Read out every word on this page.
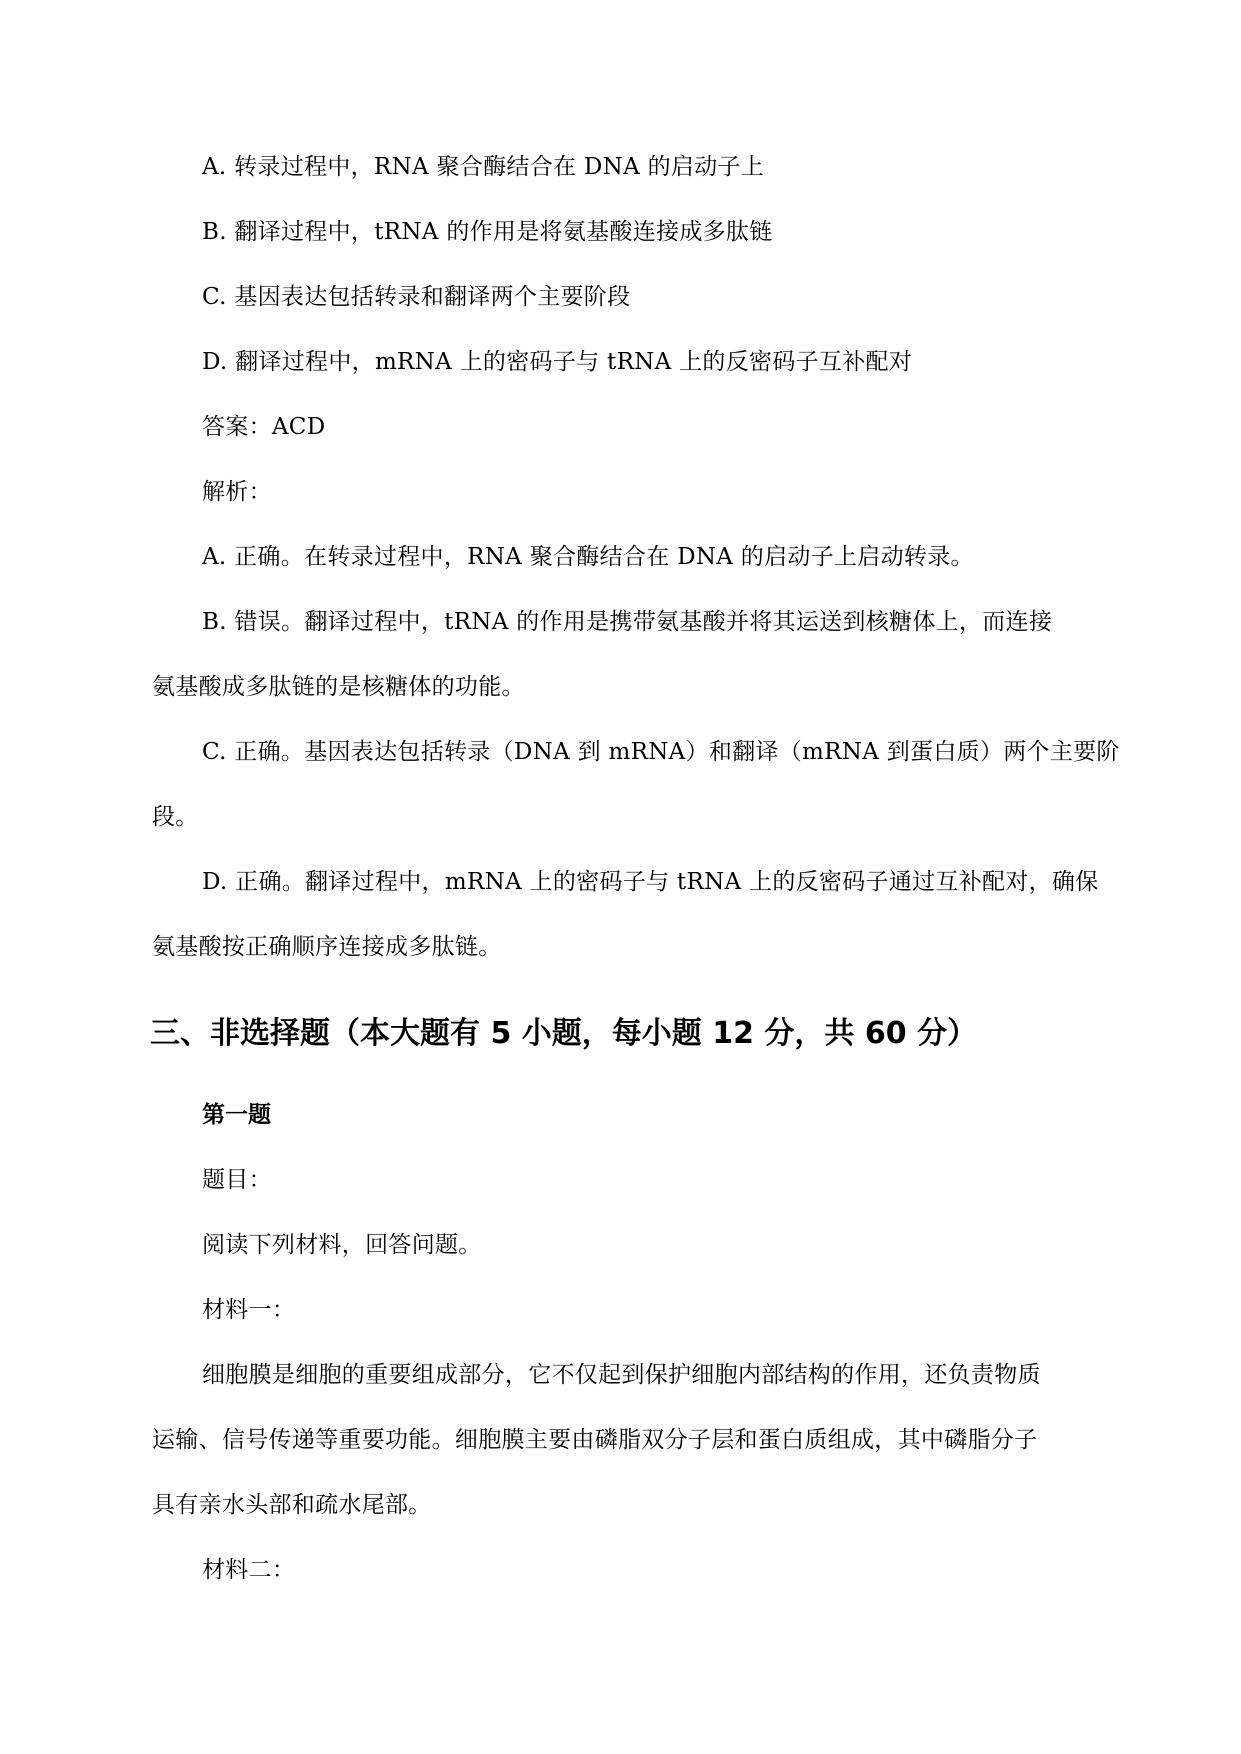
A. 转录过程中，RNA 聚合酶结合在 DNA 的启动子上
B. 翻译过程中，tRNA 的作用是将氨基酸连接成多肽链
C. 基因表达包括转录和翻译两个主要阶段
D. 翻译过程中，mRNA 上的密码子与 tRNA 上的反密码子互补配对
答案：ACD
解析：
A. 正确。在转录过程中，RNA 聚合酶结合在 DNA 的启动子上启动转录。
B. 错误。翻译过程中，tRNA 的作用是携带氨基酸并将其运送到核糖体上，而连接
氨基酸成多肽链的是核糖体的功能。
C. 正确。基因表达包括转录（DNA 到 mRNA）和翻译（mRNA 到蛋白质）两个主要阶
段。
D. 正确。翻译过程中，mRNA 上的密码子与 tRNA 上的反密码子通过互补配对，确保
氨基酸按正确顺序连接成多肽链。
三、非选择题（本大题有 5 小题，每小题 12 分，共 60 分）
第一题
题目：
阅读下列材料，回答问题。
材料一：
细胞膜是细胞的重要组成部分，它不仅起到保护细胞内部结构的作用，还负责物质
运输、信号传递等重要功能。细胞膜主要由磷脂双分子层和蛋白质组成，其中磷脂分子
具有亲水头部和疏水尾部。
材料二：
